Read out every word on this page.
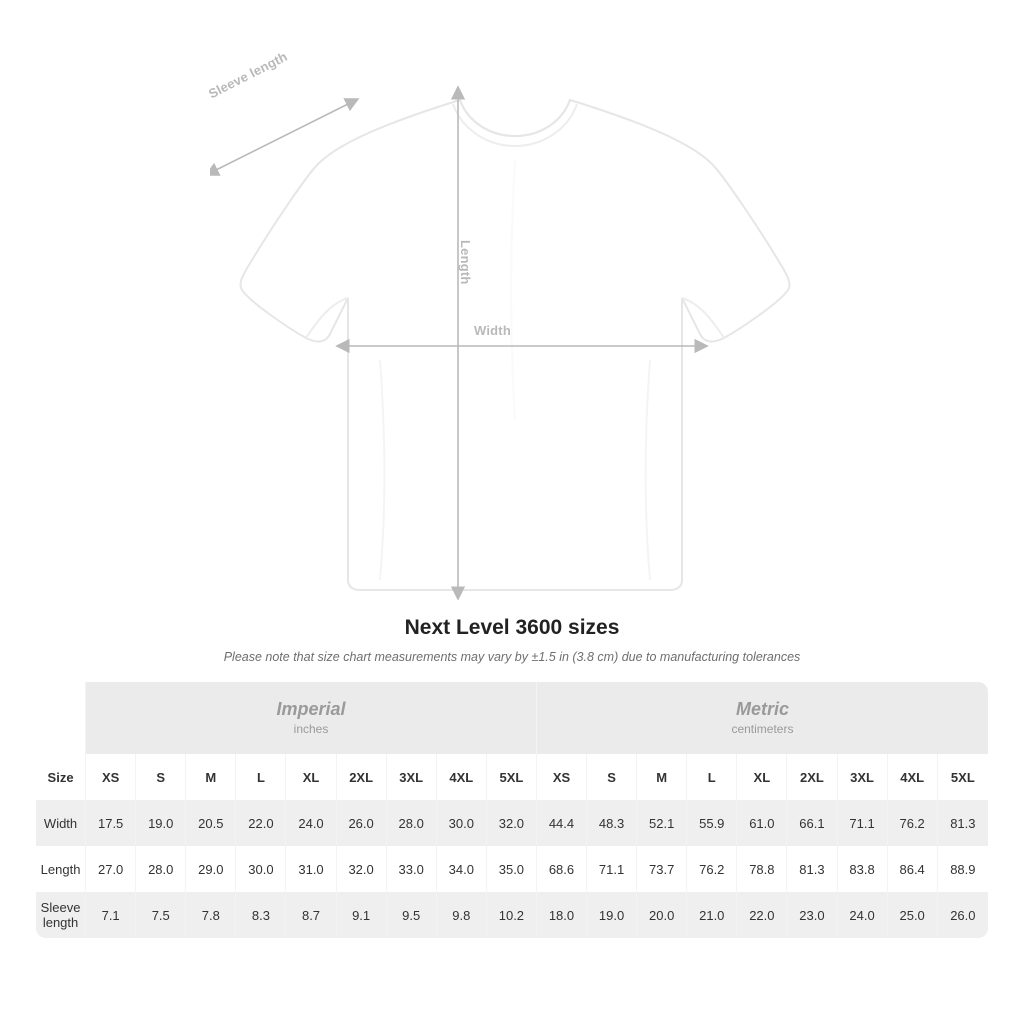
Width
Length
Sleeve length
Next Level 3600 sizes

Please note that size chart measurements may vary by ±1.5 in (3.8 cm) due to manufacturing tolerances

	Imperial
inches									Metric
centimeters								

Size	XS	S	M	L	XL	2XL	3XL	4XL	5XL	XS	S	M	L	XL	2XL	3XL	4XL	5XL
Width	17.5	19.0	20.5	22.0	24.0	26.0	28.0	30.0	32.0	44.4	48.3	52.1	55.9	61.0	66.1	71.1	76.2	81.3
Length	27.0	28.0	29.0	30.0	31.0	32.0	33.0	34.0	35.0	68.6	71.1	73.7	76.2	78.8	81.3	83.8	86.4	88.9
Sleeve length	7.1	7.5	7.8	8.3	8.7	9.1	9.5	9.8	10.2	18.0	19.0	20.0	21.0	22.0	23.0	24.0	25.0	26.0
